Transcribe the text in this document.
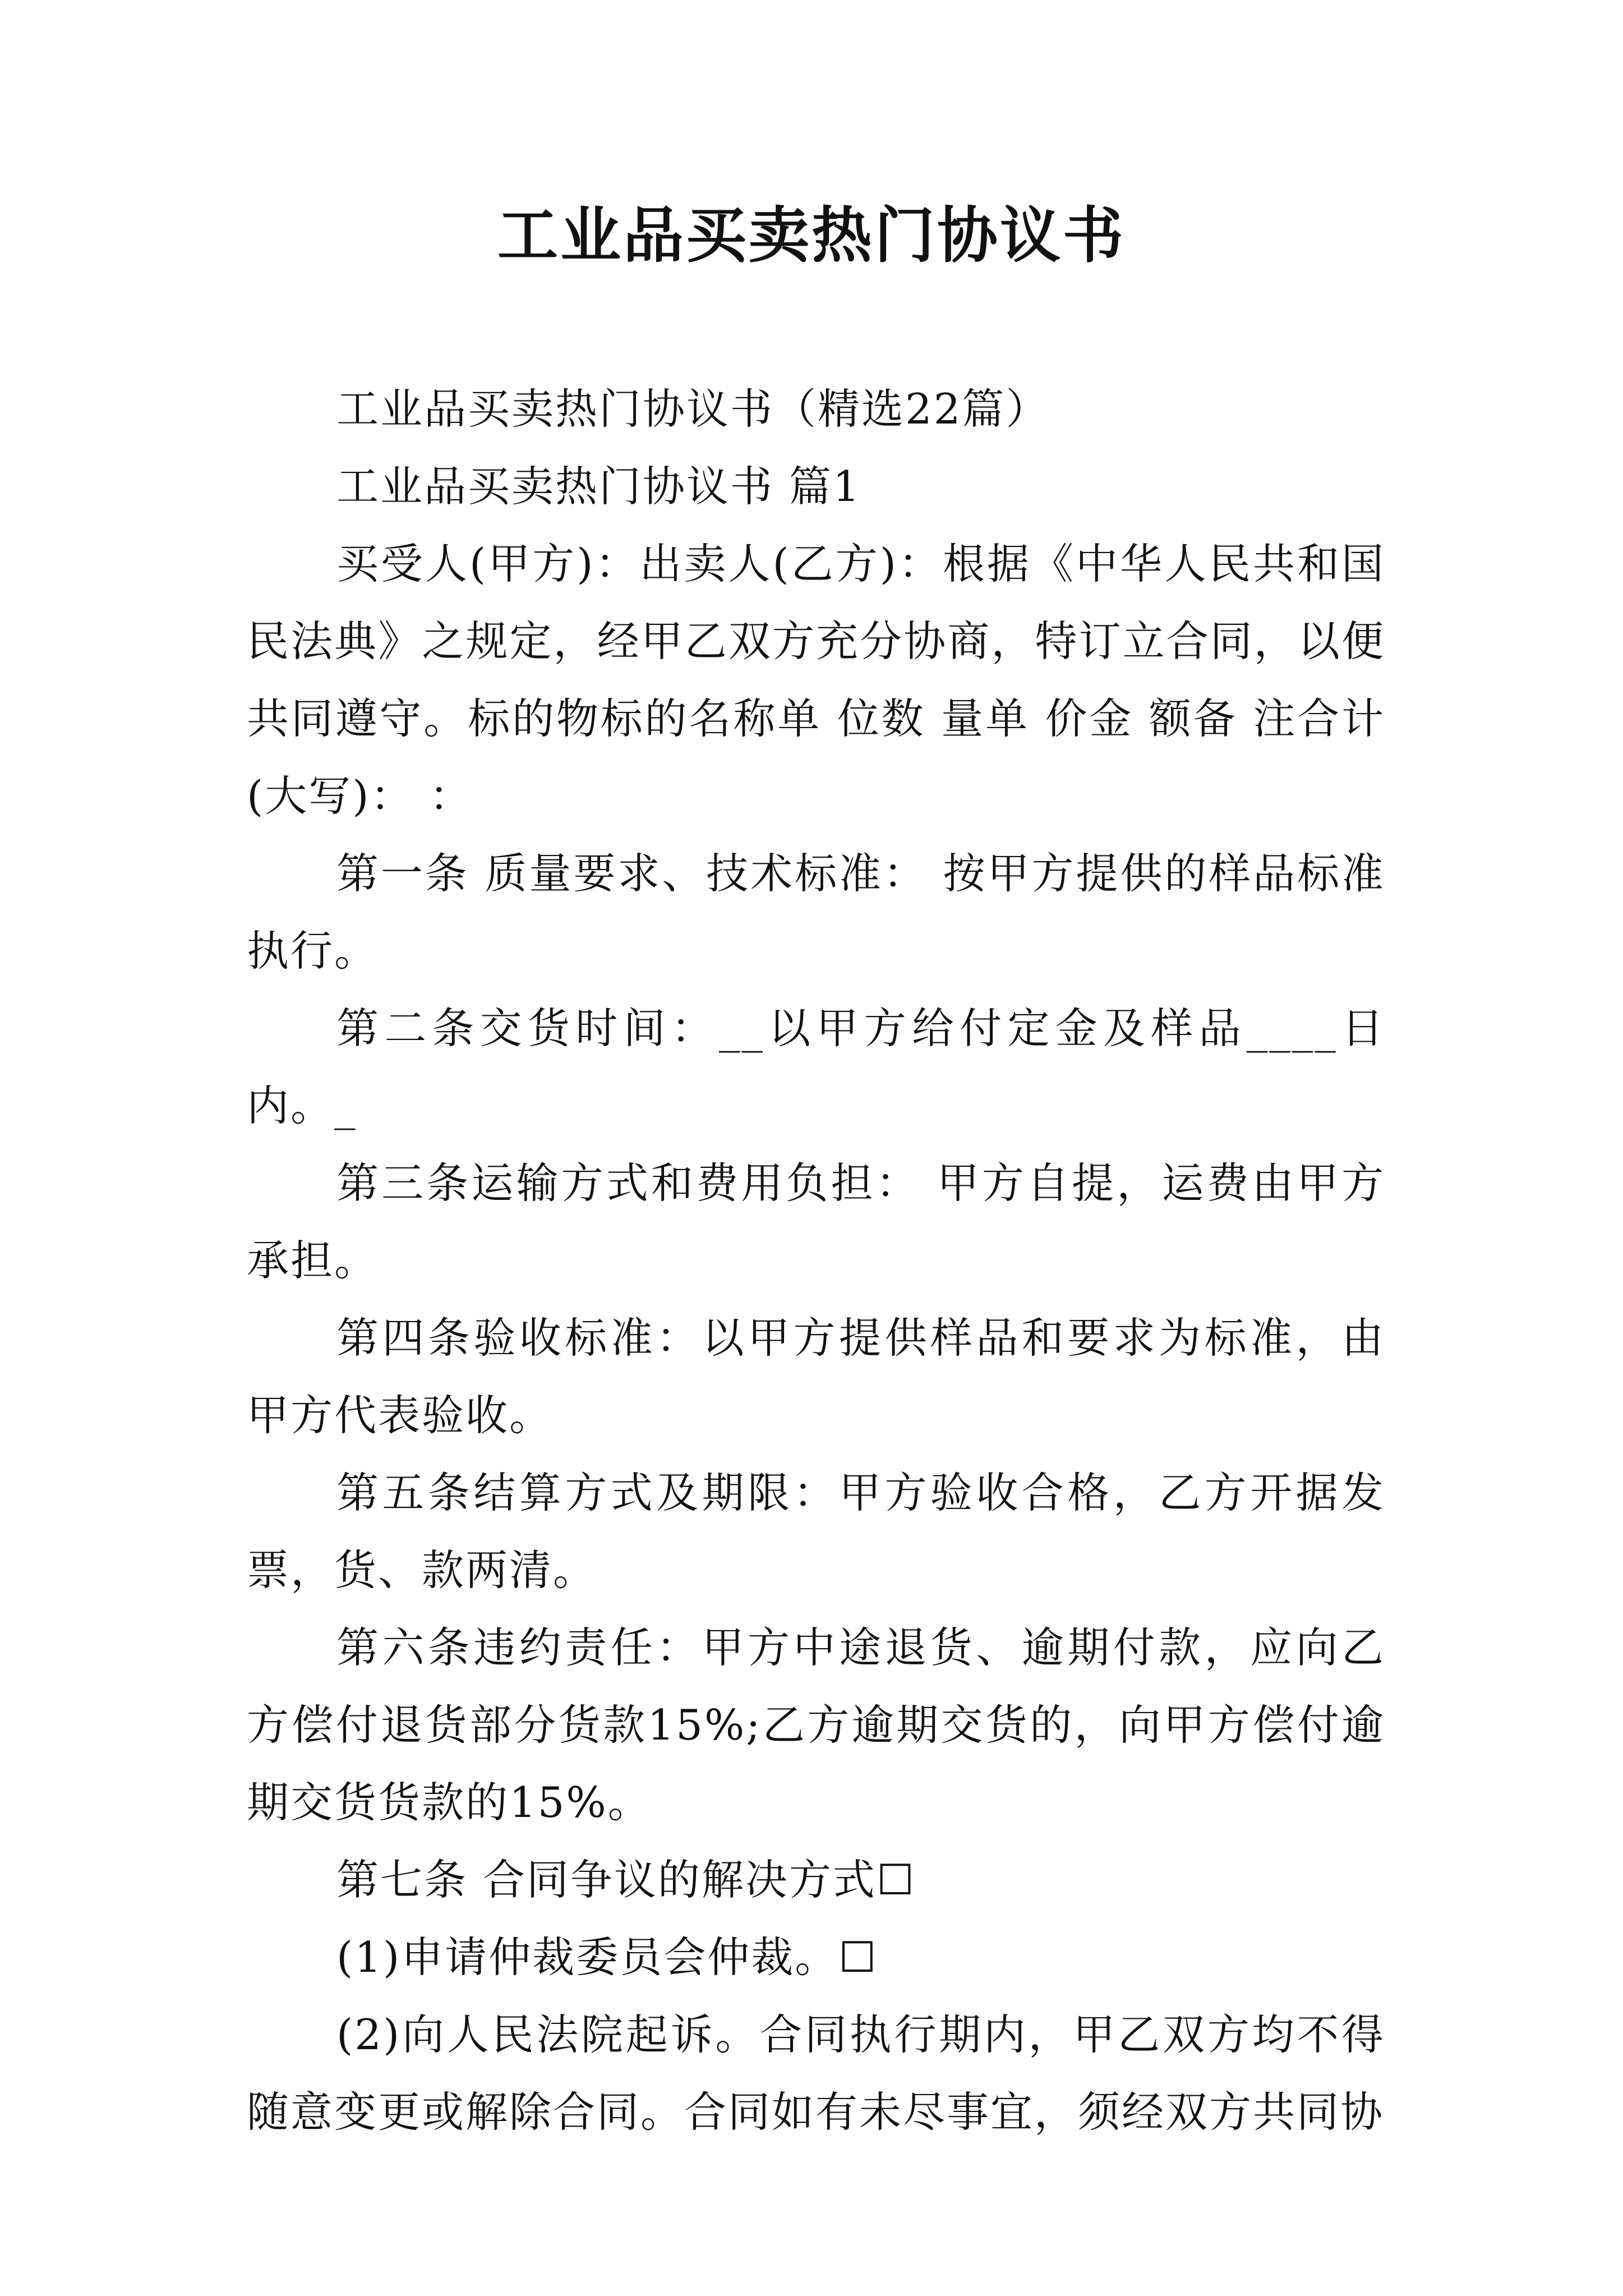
工业品买卖热门协议书

工业品买卖热门协议书（精选22篇）

工业品买卖热门协议书 篇1

买受人(甲方)：出卖人(乙方)：根据《中华人民共和国民法典》之规定，经甲乙双方充分协商，特订立合同，以便共同遵守。标的物标的名称单 位数 量单 价金 额备 注合计(大写)： ：

第一条 质量要求、技术标准： 按甲方提供的样品标准执行。

第二条交货时间：__以甲方给付定金及样品____日内。_

第三条运输方式和费用负担： 甲方自提，运费由甲方承担。

第四条验收标准：以甲方提供样品和要求为标准，由甲方代表验收。

第五条结算方式及期限：甲方验收合格，乙方开据发票，货、款两清。

第六条违约责任：甲方中途退货、逾期付款，应向乙方偿付退货部分货款15%;乙方逾期交货的，向甲方偿付逾期交货货款的15%。

第七条 合同争议的解决方式☐

(1)申请仲裁委员会仲裁。☐

(2)向人民法院起诉。合同执行期内，甲乙双方均不得随意变更或解除合同。合同如有未尽事宜，须经双方共同协
